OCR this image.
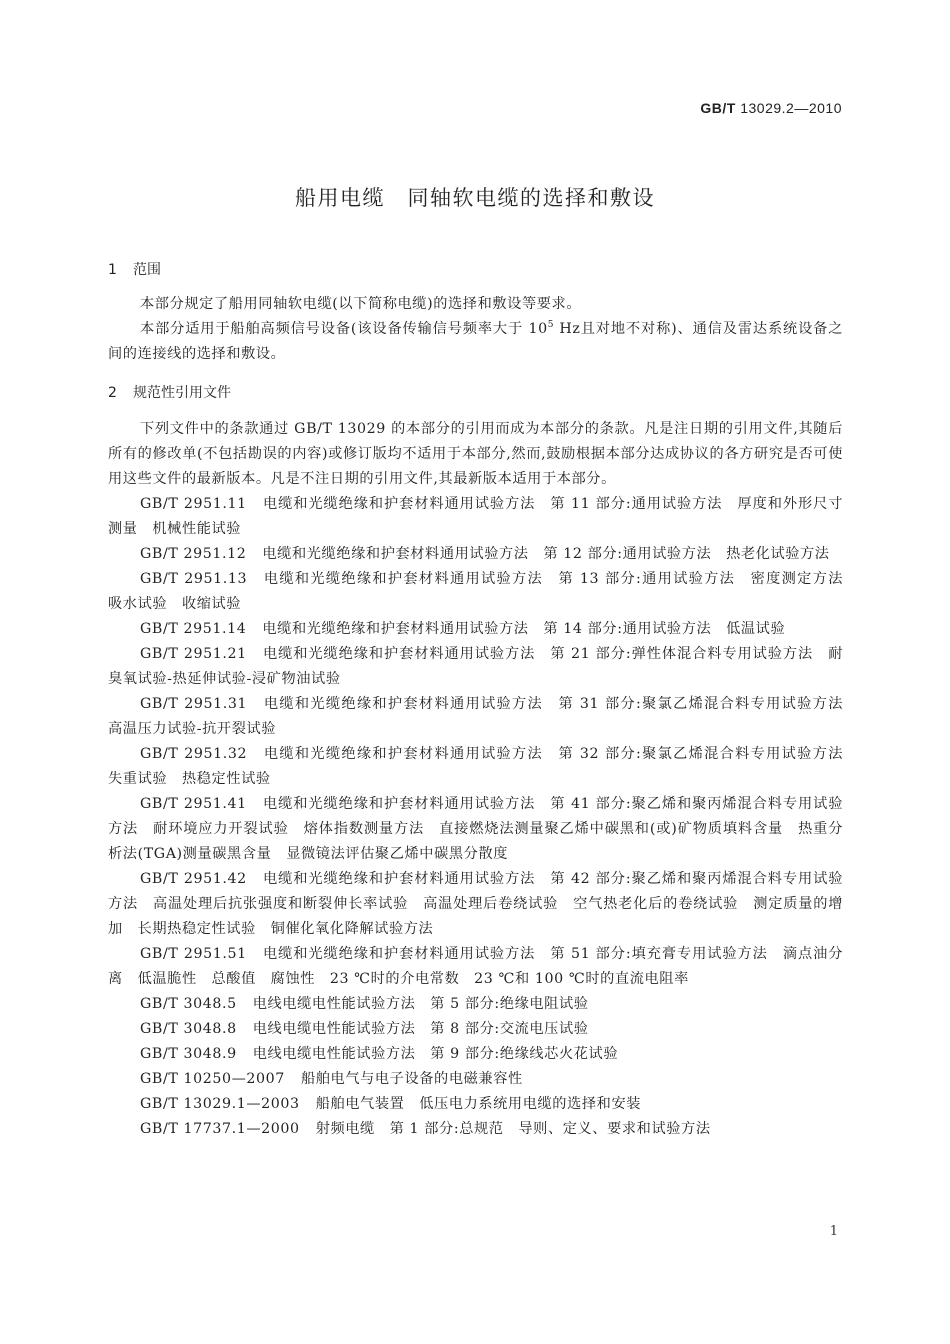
GB/T 13029.2—2010
船用电缆　同轴软电缆的选择和敷设
1 范围

本部分规定了船用同轴软电缆(以下简称电缆)的选择和敷设等要求。

本部分适用于船舶高频信号设备(该设备传输信号频率大于 $10^5$ Hz且对地不对称)、通信及雷达系统设备之间的连接线的选择和敷设。

2 规范性引用文件

下列文件中的条款通过 GB/T 13029 的本部分的引用而成为本部分的条款。凡是注日期的引用文件,其随后所有的修改单(不包括勘误的内容)或修订版均不适用于本部分,然而,鼓励根据本部分达成协议的各方研究是否可使用这些文件的最新版本。凡是不注日期的引用文件,其最新版本适用于本部分。

GB/T 2951.11 电缆和光缆绝缘和护套材料通用试验方法　第 11 部分:通用试验方法　厚度和外形尺寸测量　机械性能试验

GB/T 2951.12 电缆和光缆绝缘和护套材料通用试验方法　第 12 部分:通用试验方法　热老化试验方法

GB/T 2951.13 电缆和光缆绝缘和护套材料通用试验方法　第 13 部分:通用试验方法　密度测定方法　吸水试验　收缩试验

GB/T 2951.14 电缆和光缆绝缘和护套材料通用试验方法　第 14 部分:通用试验方法　低温试验

GB/T 2951.21 电缆和光缆绝缘和护套材料通用试验方法　第 21 部分:弹性体混合料专用试验方法　耐臭氧试验-热延伸试验-浸矿物油试验

GB/T 2951.31 电缆和光缆绝缘和护套材料通用试验方法　第 31 部分:聚氯乙烯混合料专用试验方法　高温压力试验-抗开裂试验

GB/T 2951.32 电缆和光缆绝缘和护套材料通用试验方法　第 32 部分:聚氯乙烯混合料专用试验方法　失重试验　热稳定性试验

GB/T 2951.41 电缆和光缆绝缘和护套材料通用试验方法　第 41 部分:聚乙烯和聚丙烯混合料专用试验方法　耐环境应力开裂试验　熔体指数测量方法　直接燃烧法测量聚乙烯中碳黑和(或)矿物质填料含量　热重分析法(TGA)测量碳黑含量　显微镜法评估聚乙烯中碳黑分散度

GB/T 2951.42 电缆和光缆绝缘和护套材料通用试验方法　第 42 部分:聚乙烯和聚丙烯混合料专用试验方法　高温处理后抗张强度和断裂伸长率试验　高温处理后卷绕试验　空气热老化后的卷绕试验　测定质量的增加　长期热稳定性试验　铜催化氧化降解试验方法

GB/T 2951.51 电缆和光缆绝缘和护套材料通用试验方法　第 51 部分:填充膏专用试验方法　滴点油分离　低温脆性　总酸值　腐蚀性　23 ℃时的介电常数　23 ℃和 100 ℃时的直流电阻率

GB/T 3048.5 电线电缆电性能试验方法　第 5 部分:绝缘电阻试验

GB/T 3048.8 电线电缆电性能试验方法　第 8 部分:交流电压试验

GB/T 3048.9 电线电缆电性能试验方法　第 9 部分:绝缘线芯火花试验

GB/T 10250—2007 船舶电气与电子设备的电磁兼容性

GB/T 13029.1—2003 船舶电气装置　低压电力系统用电缆的选择和安装

GB/T 17737.1—2000 射频电缆　第 1 部分:总规范　导则、定义、要求和试验方法

1
